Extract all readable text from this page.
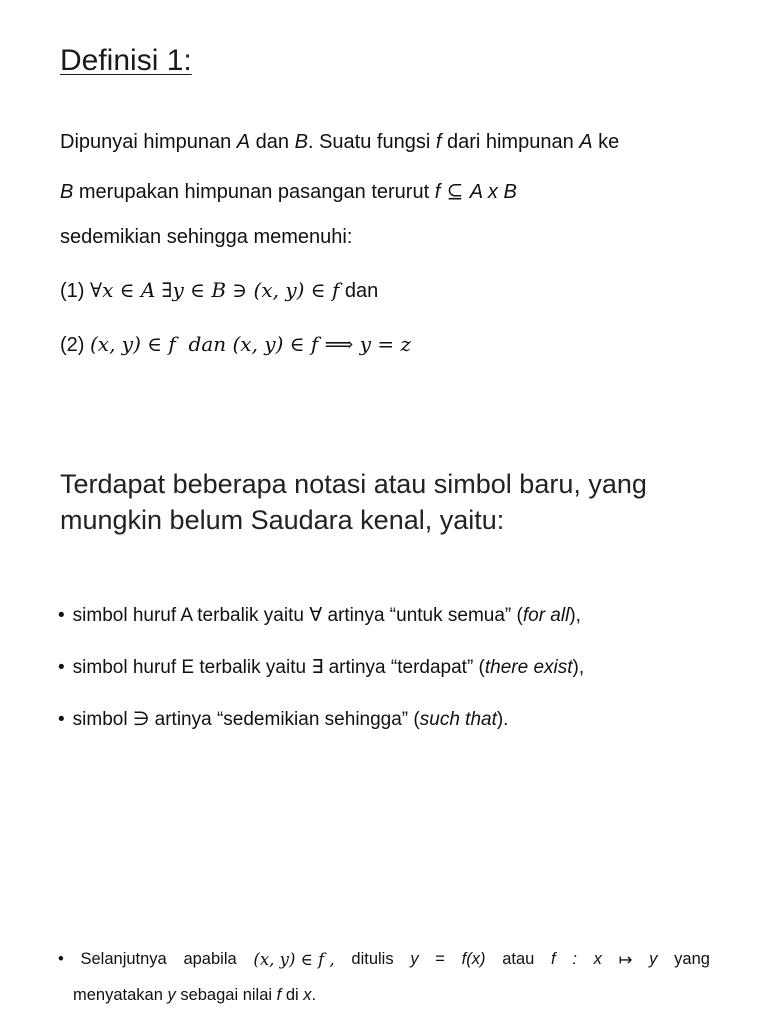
Definisi 1:
Dipunyai himpunan A dan B. Suatu fungsi f dari himpunan A ke
B merupakan himpunan pasangan terurut f ⊆ A x B
sedemikian sehingga memenuhi:
(1) ∀x ∈ A ∃y ∈ B ∋ (x, y) ∈ f dan
(2) (x, y) ∈ f  dan (x, y) ∈ f ⟹ y = z
Terdapat beberapa notasi atau simbol baru, yang mungkin belum Saudara kenal, yaitu:
• simbol huruf A terbalik yaitu ∀ artinya “untuk semua” (for all),
• simbol huruf E terbalik yaitu ∃ artinya “terdapat” (there exist),
• simbol ∋ artinya “sedemikian sehingga” (such that).
• Selanjutnya apabila (x, y) ∈ f , ditulis y = f(x) atau f : x ↦ y yang
menyatakan y sebagai nilai f di x.
